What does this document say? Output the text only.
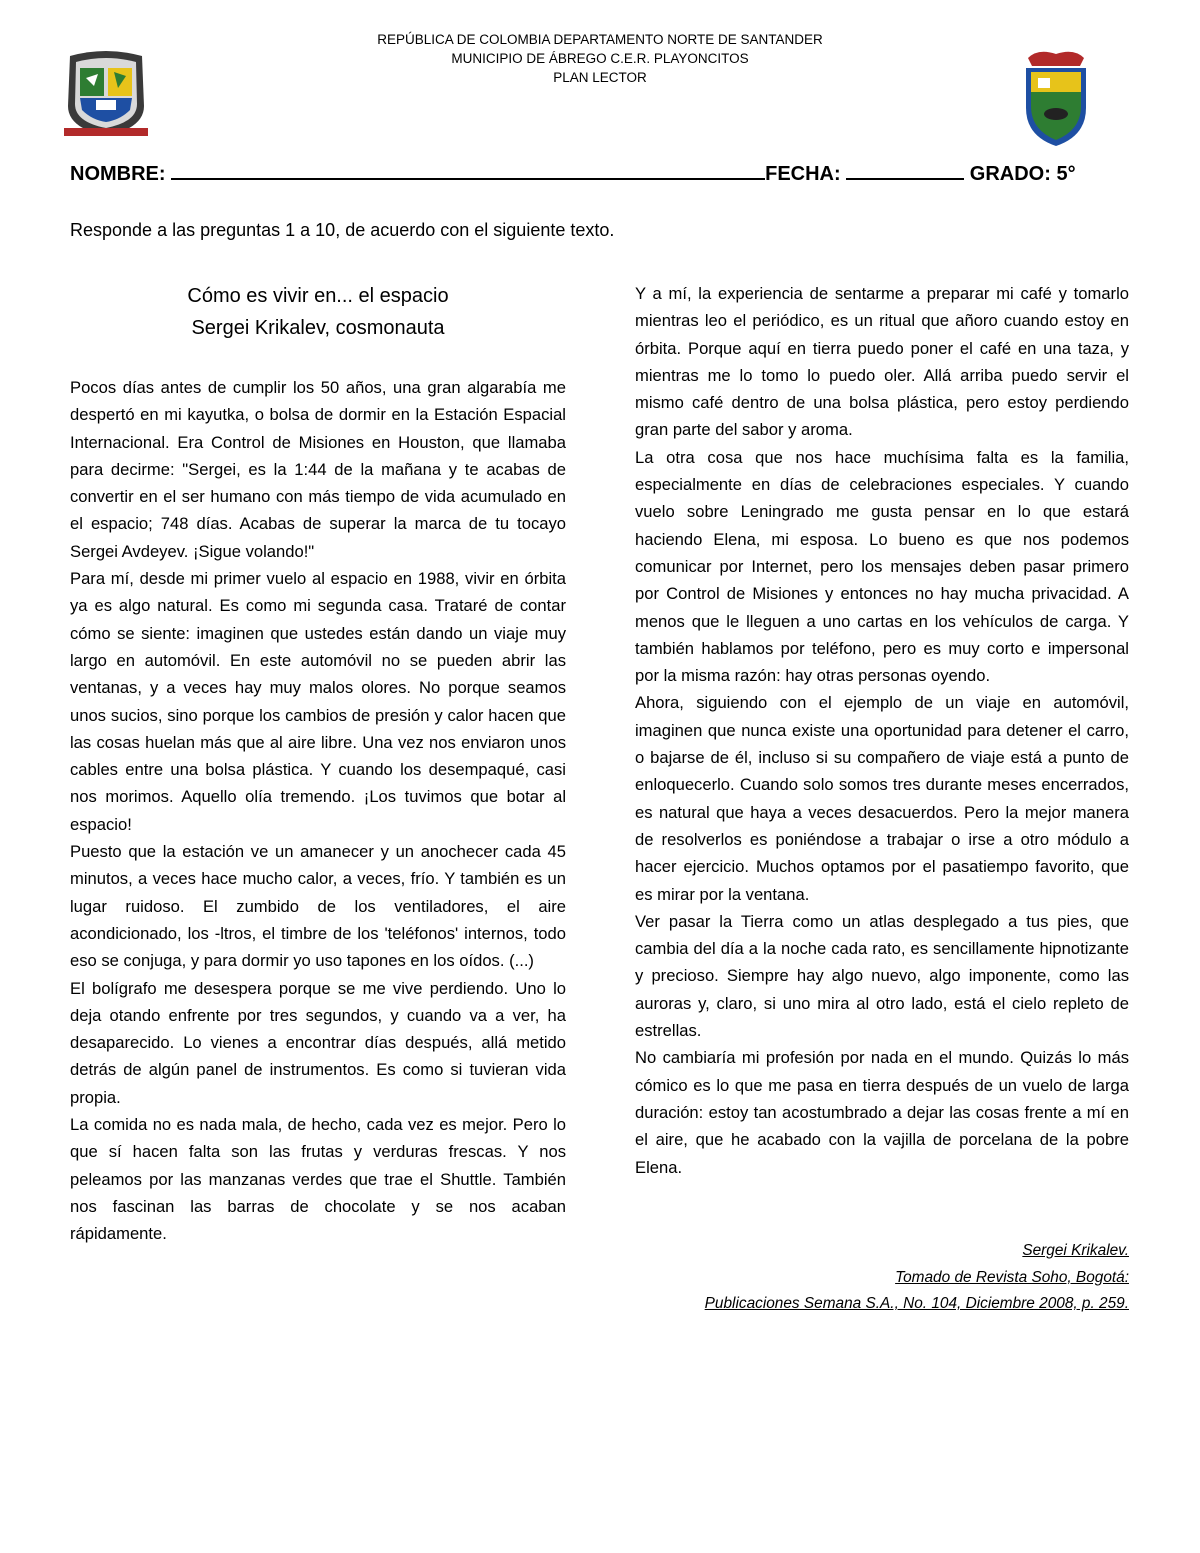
REPÚBLICA DE COLOMBIA DEPARTAMENTO NORTE DE SANTANDER
MUNICIPIO DE ÁBREGO C.E.R. PLAYONCITOS
PLAN LECTOR
NOMBRE:	FECHA:	GRADO: 5°
Responde a las preguntas 1 a 10, de acuerdo con el siguiente texto.
Cómo es vivir en... el espacio
Sergei Krikalev, cosmonauta

Pocos días antes de cumplir los 50 años, una gran algarabía me despertó en mi kayutka, o bolsa de dormir en la Estación Espacial Internacional. Era Control de Misiones en Houston, que llamaba para decirme: "Sergei, es la 1:44 de la mañana y te acabas de convertir en el ser humano con más tiempo de vida acumulado en el espacio; 748 días. Acabas de superar la marca de tu tocayo Sergei Avdeyev. ¡Sigue volando!"

Para mí, desde mi primer vuelo al espacio en 1988, vivir en órbita ya es algo natural. Es como mi segunda casa. Trataré de contar cómo se siente: imaginen que ustedes están dando un viaje muy largo en automóvil. En este automóvil no se pueden abrir las ventanas, y a veces hay muy malos olores. No porque seamos unos sucios, sino porque los cambios de presión y calor hacen que las cosas huelan más que al aire libre. Una vez nos enviaron unos cables entre una bolsa plástica. Y cuando los desempaqué, casi nos morimos. Aquello olía tremendo. ¡Los tuvimos que botar al espacio!

Puesto que la estación ve un amanecer y un anochecer cada 45 minutos, a veces hace mucho calor, a veces, frío. Y también es un lugar ruidoso. El zumbido de los ventiladores, el aire acondicionado, los -ltros, el timbre de los 'teléfonos' internos, todo eso se conjuga, y para dormir yo uso tapones en los oídos. (...)

El bolígrafo me desespera porque se me vive perdiendo. Uno lo deja otando enfrente por tres segundos, y cuando va a ver, ha desaparecido. Lo vienes a encontrar días después, allá metido detrás de algún panel de instrumentos. Es como si tuvieran vida propia.

La comida no es nada mala, de hecho, cada vez es mejor. Pero lo que sí hacen falta son las frutas y verduras frescas. Y nos peleamos por las manzanas verdes que trae el Shuttle. También nos fascinan las barras de chocolate y se nos acaban rápidamente.

Y a mí, la experiencia de sentarme a preparar mi café y tomarlo mientras leo el periódico, es un ritual que añoro cuando estoy en órbita. Porque aquí en tierra puedo poner el café en una taza, y mientras me lo tomo lo puedo oler. Allá arriba puedo servir el mismo café dentro de una bolsa plástica, pero estoy perdiendo gran parte del sabor y aroma.

La otra cosa que nos hace muchísima falta es la familia, especialmente en días de celebraciones especiales. Y cuando vuelo sobre Leningrado me gusta pensar en lo que estará haciendo Elena, mi esposa. Lo bueno es que nos podemos comunicar por Internet, pero los mensajes deben pasar primero por Control de Misiones y entonces no hay mucha privacidad. A menos que le lleguen a uno cartas en los vehículos de carga. Y también hablamos por teléfono, pero es muy corto e impersonal por la misma razón: hay otras personas oyendo.

Ahora, siguiendo con el ejemplo de un viaje en automóvil, imaginen que nunca existe una oportunidad para detener el carro, o bajarse de él, incluso si su compañero de viaje está a punto de enloquecerlo. Cuando solo somos tres durante meses encerrados, es natural que haya a veces desacuerdos. Pero la mejor manera de resolverlos es poniéndose a trabajar o irse a otro módulo a hacer ejercicio. Muchos optamos por el pasatiempo favorito, que es mirar por la ventana.

Ver pasar la Tierra como un atlas desplegado a tus pies, que cambia del día a la noche cada rato, es sencillamente hipnotizante y precioso. Siempre hay algo nuevo, algo imponente, como las auroras y, claro, si uno mira al otro lado, está el cielo repleto de estrellas.

No cambiaría mi profesión por nada en el mundo. Quizás lo más cómico es lo que me pasa en tierra después de un vuelo de larga duración: estoy tan acostumbrado a dejar las cosas frente a mí en el aire, que he acabado con la vajilla de porcelana de la pobre Elena.

Sergei Krikalev.
Tomado de Revista Soho, Bogotá:
Publicaciones Semana S.A., No. 104, Diciembre 2008, p. 259.
